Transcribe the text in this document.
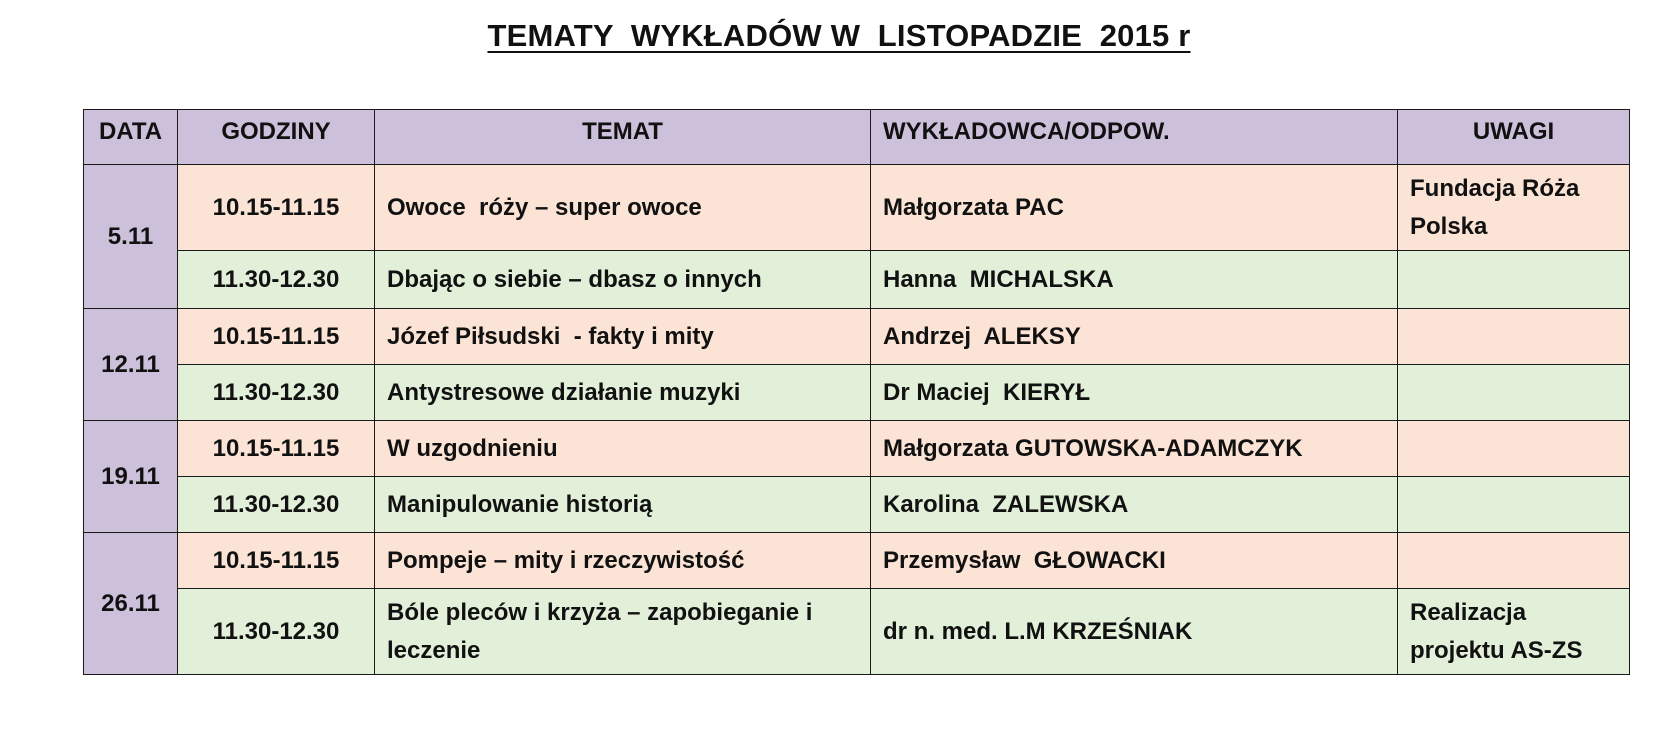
TEMATY  WYKŁADÓW W  LISTOPADZIE  2015 r
DATA	GODZINY	TEMAT	WYKŁADOWCA/ODPOW.	UWAGI
5.11	10.15-11.15	Owoce  róży – super owoce	Małgorzata PAC	Fundacja Róża Polska
	11.30-12.30	Dbając o siebie – dbasz o innych	Hanna  MICHALSKA	
12.11	10.15-11.15	Józef Piłsudski  - fakty i mity	Andrzej  ALEKSY	
	11.30-12.30	Antystresowe działanie muzyki	Dr Maciej  KIERYŁ	
19.11	10.15-11.15	W uzgodnieniu	Małgorzata GUTOWSKA-ADAMCZYK	
	11.30-12.30	Manipulowanie historią	Karolina  ZALEWSKA	
26.11	10.15-11.15	Pompeje – mity i rzeczywistość	Przemysław  GŁOWACKI	
	11.30-12.30	Bóle pleców i krzyża – zapobieganie i leczenie	dr n. med. L.M KRZEŚNIAK	Realizacja projektu AS-ZS
